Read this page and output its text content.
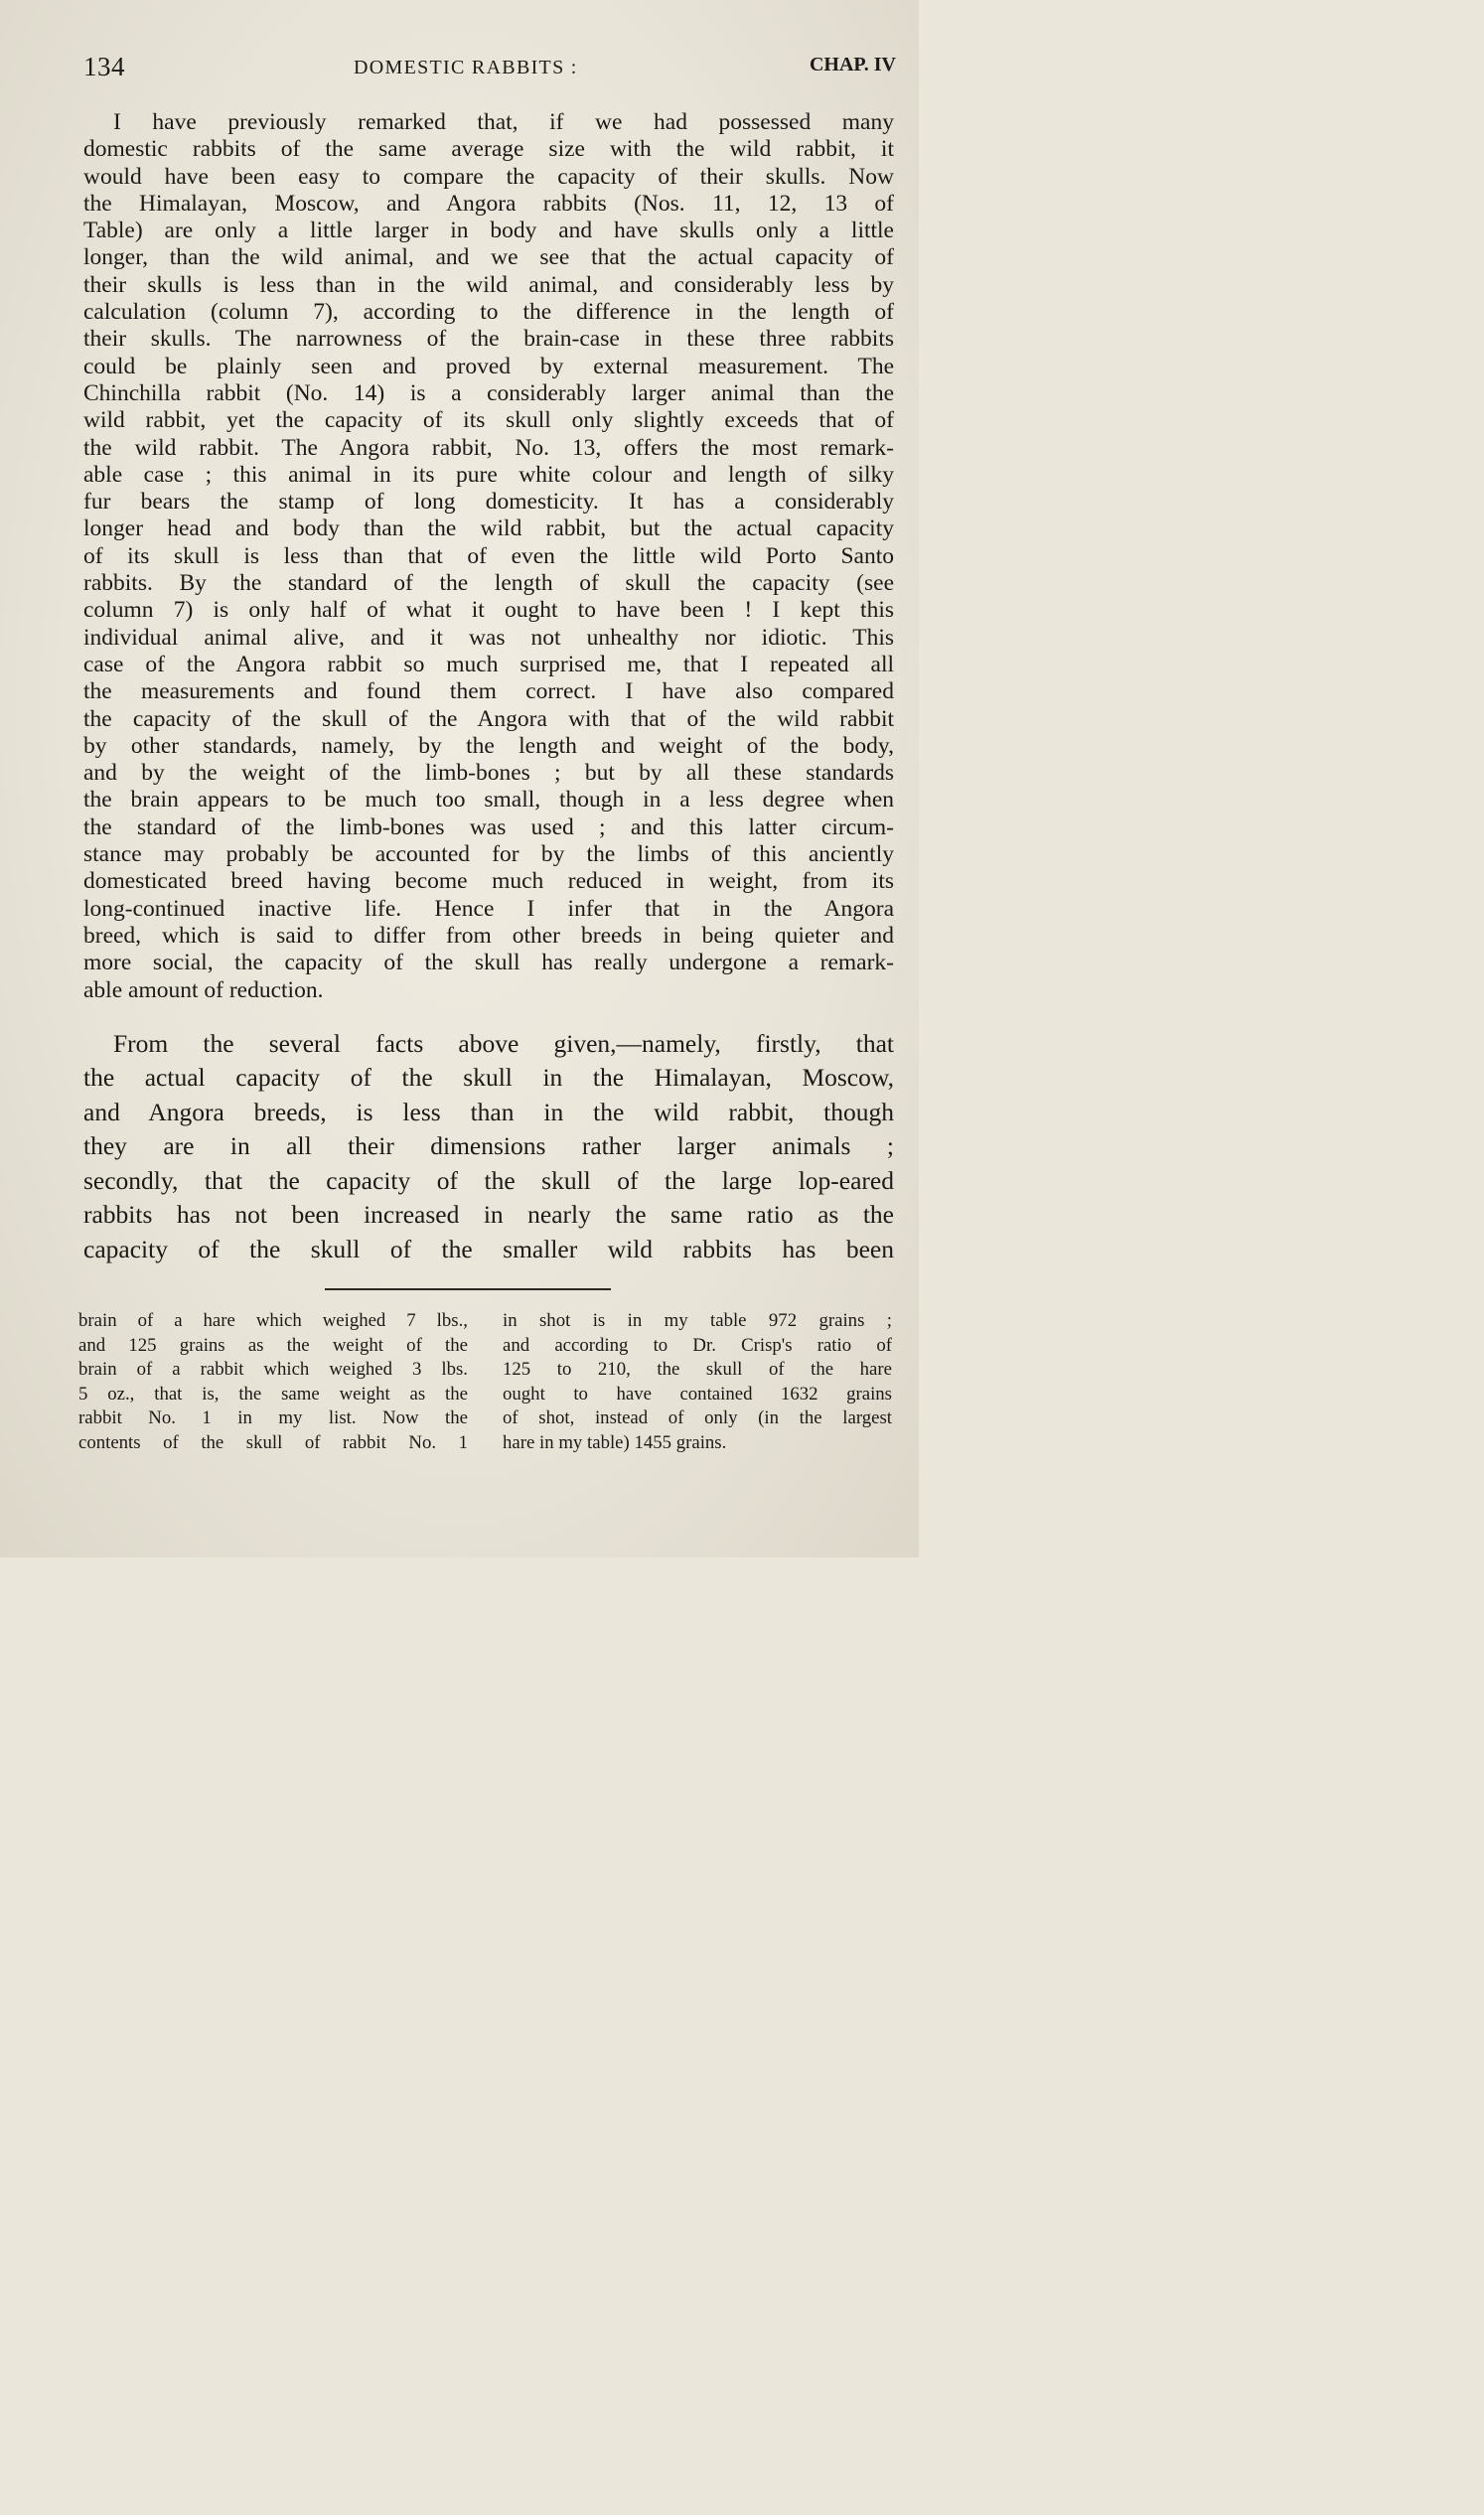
134	DOMESTIC RABBITS :	CHAP. IV
I have previously remarked that, if we had possessed many
domestic rabbits of the same average size with the wild rabbit, it
would have been easy to compare the capacity of their skulls. Now
the Himalayan, Moscow, and Angora rabbits (Nos. 11, 12, 13 of
Table) are only a little larger in body and have skulls only a little
longer, than the wild animal, and we see that the actual capacity of
their skulls is less than in the wild animal, and considerably less by
calculation (column 7), according to the difference in the length of
their skulls. The narrowness of the brain-case in these three rabbits
could be plainly seen and proved by external measurement. The
Chinchilla rabbit (No. 14) is a considerably larger animal than the
wild rabbit, yet the capacity of its skull only slightly exceeds that of
the wild rabbit. The Angora rabbit, No. 13, offers the most remark-
able case ; this animal in its pure white colour and length of silky
fur bears the stamp of long domesticity. It has a considerably
longer head and body than the wild rabbit, but the actual capacity
of its skull is less than that of even the little wild Porto Santo
rabbits. By the standard of the length of skull the capacity (see
column 7) is only half of what it ought to have been ! I kept this
individual animal alive, and it was not unhealthy nor idiotic. This
case of the Angora rabbit so much surprised me, that I repeated all
the measurements and found them correct. I have also compared
the capacity of the skull of the Angora with that of the wild rabbit
by other standards, namely, by the length and weight of the body,
and by the weight of the limb-bones ; but by all these standards
the brain appears to be much too small, though in a less degree when
the standard of the limb-bones was used ; and this latter circum-
stance may probably be accounted for by the limbs of this anciently
domesticated breed having become much reduced in weight, from its
long-continued inactive life. Hence I infer that in the Angora
breed, which is said to differ from other breeds in being quieter and
more social, the capacity of the skull has really undergone a remark-
able amount of reduction.
From the several facts above given,—namely, firstly, that
the actual capacity of the skull in the Himalayan, Moscow,
and Angora breeds, is less than in the wild rabbit, though
they are in all their dimensions rather larger animals ;
secondly, that the capacity of the skull of the large lop-eared
rabbits has not been increased in nearly the same ratio as the
capacity of the skull of the smaller wild rabbits has been
brain of a hare which weighed 7 lbs.,
and 125 grains as the weight of the
brain of a rabbit which weighed 3 lbs.
5 oz., that is, the same weight as the
rabbit No. 1 in my list. Now the
contents of the skull of rabbit No. 1
in shot is in my table 972 grains ;
and according to Dr. Crisp's ratio of
125 to 210, the skull of the hare
ought to have contained 1632 grains
of shot, instead of only (in the largest
hare in my table) 1455 grains.
